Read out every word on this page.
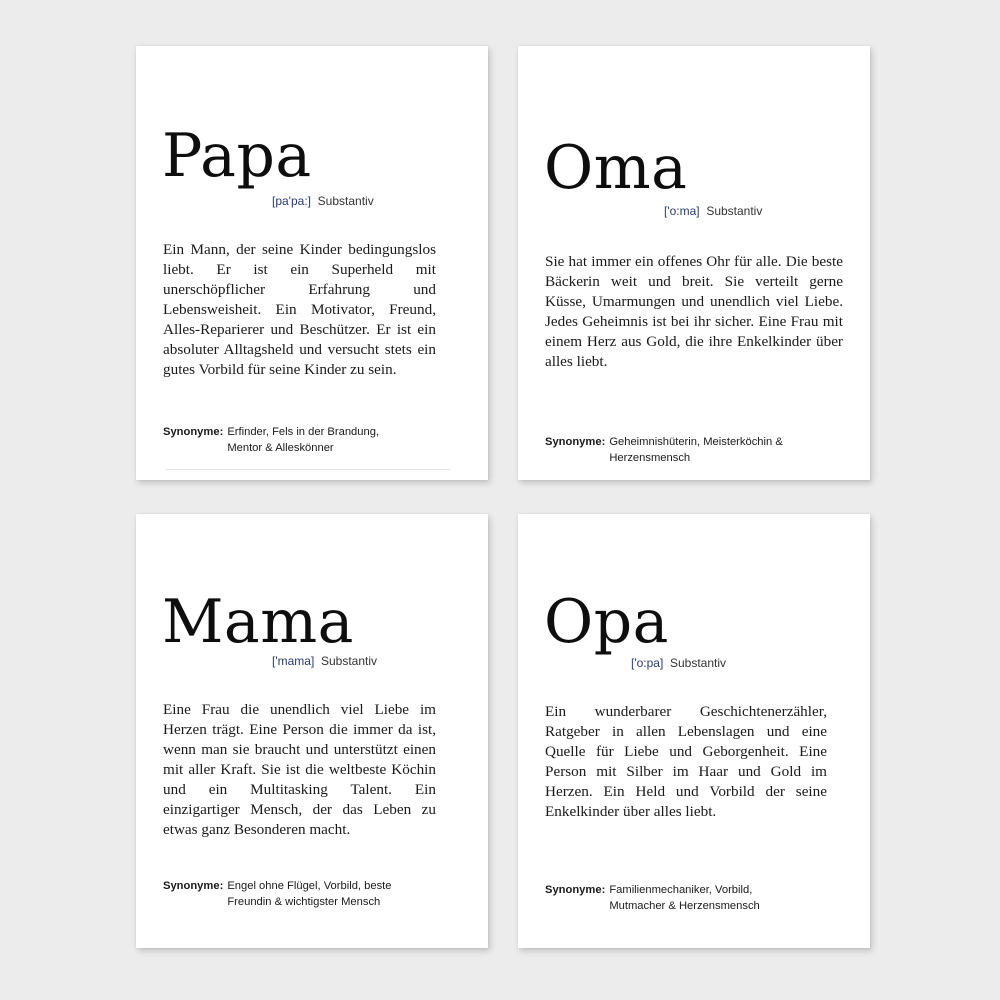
Papa
[pa'pa:] Substantiv

Ein Mann, der seine Kinder bedingungslos liebt. Er ist ein Superheld mit unerschöpflicher Erfahrung und Lebensweisheit. Ein Motivator, Freund, Alles-Reparierer und Beschützer. Er ist ein absoluter Alltagsheld und versucht stets ein gutes Vorbild für seine Kinder zu sein.

Synonyme: Erfinder, Fels in der Brandung, Mentor & Alleskönner
Oma
['o:ma] Substantiv

Sie hat immer ein offenes Ohr für alle. Die beste Bäckerin weit und breit. Sie verteilt gerne Küsse, Umarmungen und unendlich viel Liebe. Jedes Geheimnis ist bei ihr sicher. Eine Frau mit einem Herz aus Gold, die ihre Enkelkinder über alles liebt.

Synonyme: Geheimnishüterin, Meisterköchin & Herzensmensch
Mama
['mama] Substantiv

Eine Frau die unendlich viel Liebe im Herzen trägt. Eine Person die immer da ist, wenn man sie braucht und unterstützt einen mit aller Kraft. Sie ist die weltbeste Köchin und ein Multitasking Talent. Ein einzigartiger Mensch, der das Leben zu etwas ganz Besonderen macht.

Synonyme: Engel ohne Flügel, Vorbild, beste Freundin & wichtigster Mensch
Opa
['o:pa] Substantiv

Ein wunderbarer Geschichtenerzähler, Ratgeber in allen Lebenslagen und eine Quelle für Liebe und Geborgenheit. Eine Person mit Silber im Haar und Gold im Herzen. Ein Held und Vorbild der seine Enkelkinder über alles liebt.

Synonyme: Familienmechaniker, Vorbild, Mutmacher & Herzensmensch
